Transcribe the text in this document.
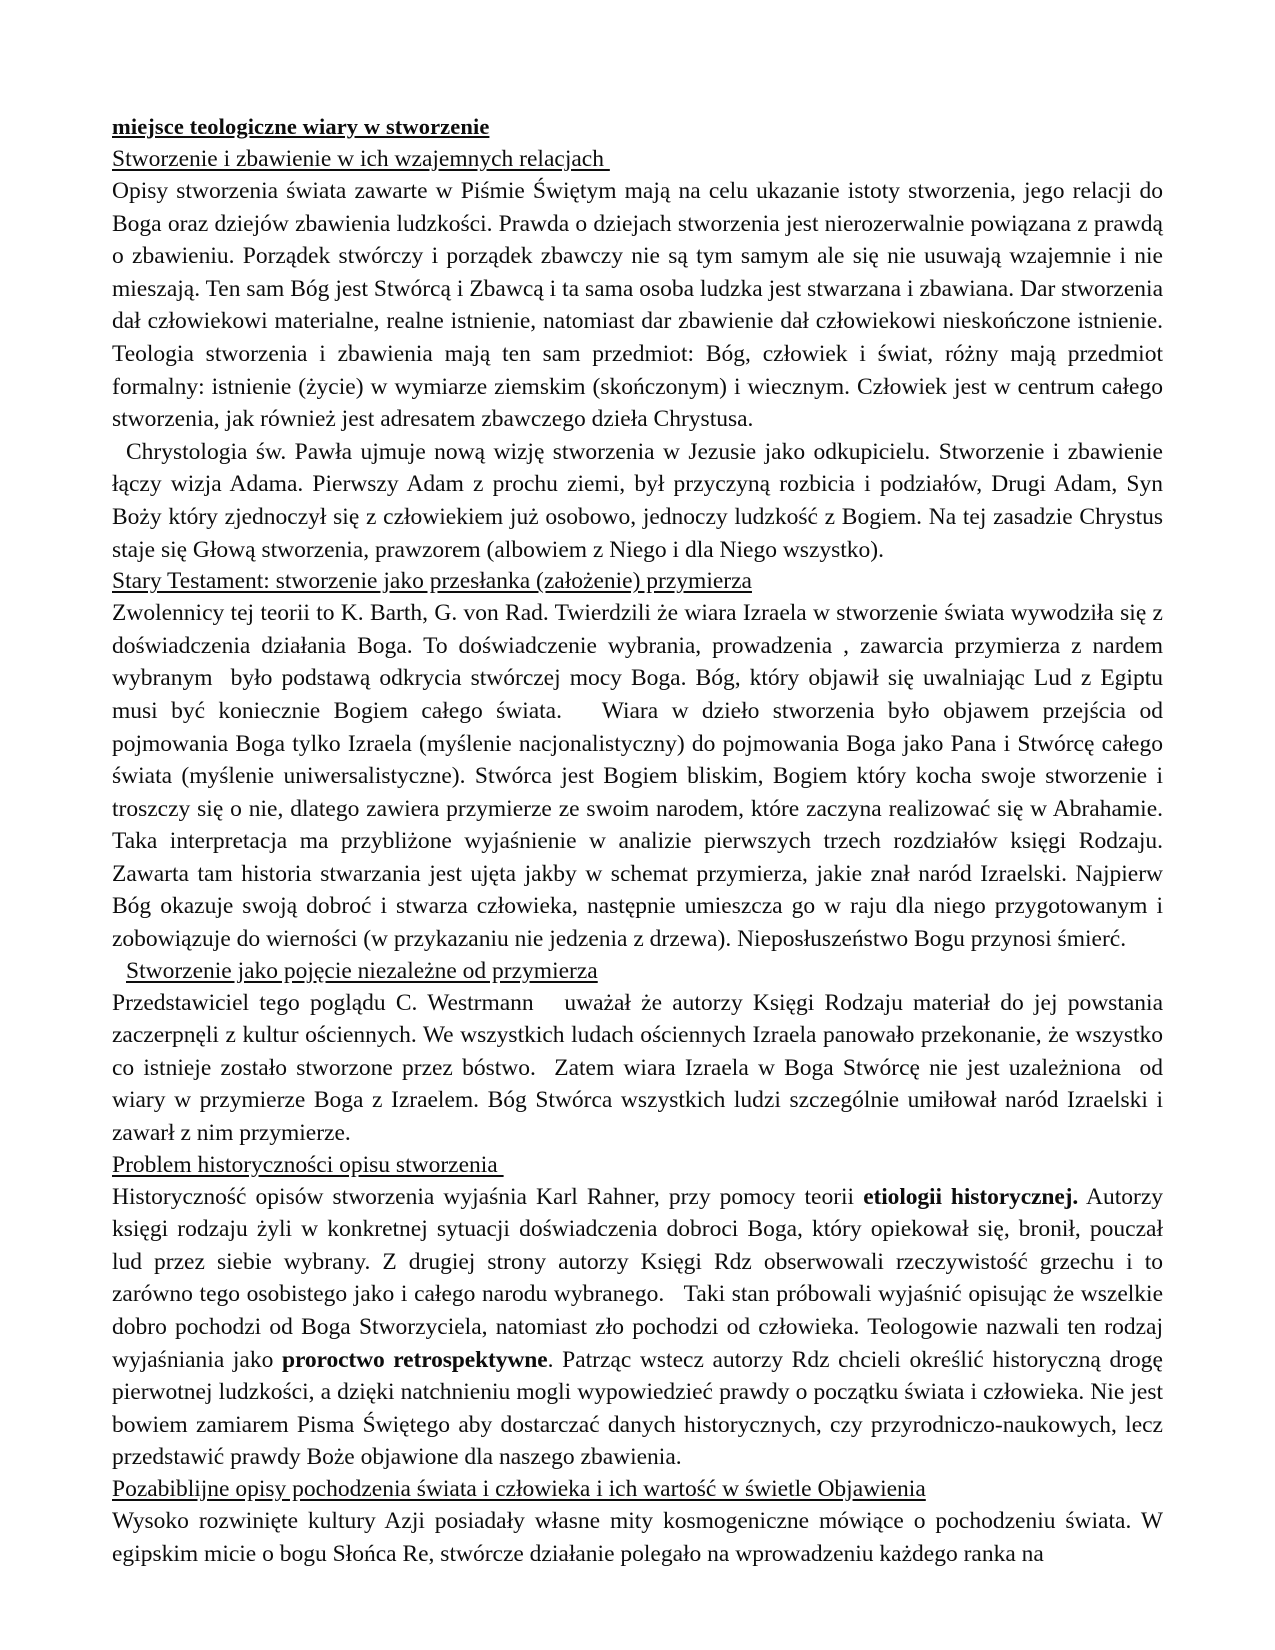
miejsce teologiczne wiary w stworzenie
Stworzenie i zbawienie w ich wzajemnych relacjach

Opisy stworzenia świata zawarte w Piśmie Świętym mają na celu ukazanie istoty stworzenia, jego relacji do Boga oraz dziejów zbawienia ludzkości. Prawda o dziejach stworzenia jest nierozerwalnie powiązana z prawdą o zbawieniu. Porządek stwórczy i porządek zbawczy nie są tym samym ale się nie usuwają wzajemnie i nie mieszają. Ten sam Bóg jest Stwórcą i Zbawcą i ta sama osoba ludzka jest stwarzana i zbawiana. Dar stworzenia dał człowiekowi materialne, realne istnienie, natomiast dar zbawienie dał człowiekowi nieskończone istnienie. Teologia stworzenia i zbawienia mają ten sam przedmiot: Bóg, człowiek i świat, różny mają przedmiot formalny: istnienie (życie) w wymiarze ziemskim (skończonym) i wiecznym. Człowiek jest w centrum całego stworzenia, jak również jest adresatem zbawczego dzieła Chrystusa.

Chrystologia św. Pawła ujmuje nową wizję stworzenia w Jezusie jako odkupicielu. Stworzenie i zbawienie łączy wizja Adama. Pierwszy Adam z prochu ziemi, był przyczyną rozbicia i podziałów, Drugi Adam, Syn Boży który zjednoczył się z człowiekiem już osobowo, jednoczy ludzkość z Bogiem. Na tej zasadzie Chrystus staje się Głową stworzenia, prawzorem (albowiem z Niego i dla Niego wszystko).

Stary Testament: stworzenie jako przesłanka (założenie) przymierza

Zwolennicy tej teorii to K. Barth, G. von Rad. Twierdzili że wiara Izraela w stworzenie świata wywodziła się z doświadczenia działania Boga. To doświadczenie wybrania, prowadzenia , zawarcia przymierza z nardem wybranym  było podstawą odkrycia stwórczej mocy Boga. Bóg, który objawił się uwalniając Lud z Egiptu musi być koniecznie Bogiem całego świata.   Wiara w dzieło stworzenia było objawem przejścia od pojmowania Boga tylko Izraela (myślenie nacjonalistyczny) do pojmowania Boga jako Pana i Stwórcę całego świata (myślenie uniwersalistyczne). Stwórca jest Bogiem bliskim, Bogiem który kocha swoje stworzenie i troszczy się o nie, dlatego zawiera przymierze ze swoim narodem, które zaczyna realizować się w Abrahamie. Taka interpretacja ma przybliżone wyjaśnienie w analizie pierwszych trzech rozdziałów księgi Rodzaju. Zawarta tam historia stwarzania jest ujęta jakby w schemat przymierza, jakie znał naród Izraelski. Najpierw Bóg okazuje swoją dobroć i stwarza człowieka, następnie umieszcza go w raju dla niego przygotowanym i zobowiązuje do wierności (w przykazaniu nie jedzenia z drzewa). Nieposłuszeństwo Bogu przynosi śmierć.

Stworzenie jako pojęcie niezależne od przymierza

Przedstawiciel tego poglądu C. Westrmann   uważał że autorzy Księgi Rodzaju materiał do jej powstania zaczerpnęli z kultur ościennych. We wszystkich ludach ościennych Izraela panowało przekonanie, że wszystko co istnieje zostało stworzone przez bóstwo.  Zatem wiara Izraela w Boga Stwórcę nie jest uzależniona  od wiary w przymierze Boga z Izraelem. Bóg Stwórca wszystkich ludzi szczególnie umiłował naród Izraelski i zawarł z nim przymierze.

Problem historyczności opisu stworzenia

Historyczność opisów stworzenia wyjaśnia Karl Rahner, przy pomocy teorii etiologii historycznej. Autorzy księgi rodzaju żyli w konkretnej sytuacji doświadczenia dobroci Boga, który opiekował się, bronił, pouczał   lud przez siebie wybrany. Z drugiej strony autorzy Księgi Rdz obserwowali rzeczywistość grzechu i to zarówno tego osobistego jako i całego narodu wybranego.   Taki stan próbowali wyjaśnić opisując że wszelkie dobro pochodzi od Boga Stworzyciela, natomiast zło pochodzi od człowieka. Teologowie nazwali ten rodzaj wyjaśniania jako proroctwo retrospektywne. Patrząc wstecz autorzy Rdz chcieli określić historyczną drogę pierwotnej ludzkości, a dzięki natchnieniu mogli wypowiedzieć prawdy o początku świata i człowieka. Nie jest bowiem zamiarem Pisma Świętego aby dostarczać danych historycznych, czy przyrodniczo-naukowych, lecz przedstawić prawdy Boże objawione dla naszego zbawienia.

Pozabiblijne opisy pochodzenia świata i człowieka i ich wartość w świetle Objawienia

Wysoko rozwinięte kultury Azji posiadały własne mity kosmogeniczne mówiące o pochodzeniu świata. W egipskim micie o bogu Słońca Re, stwórcze działanie polegało na wprowadzeniu każdego ranka na
